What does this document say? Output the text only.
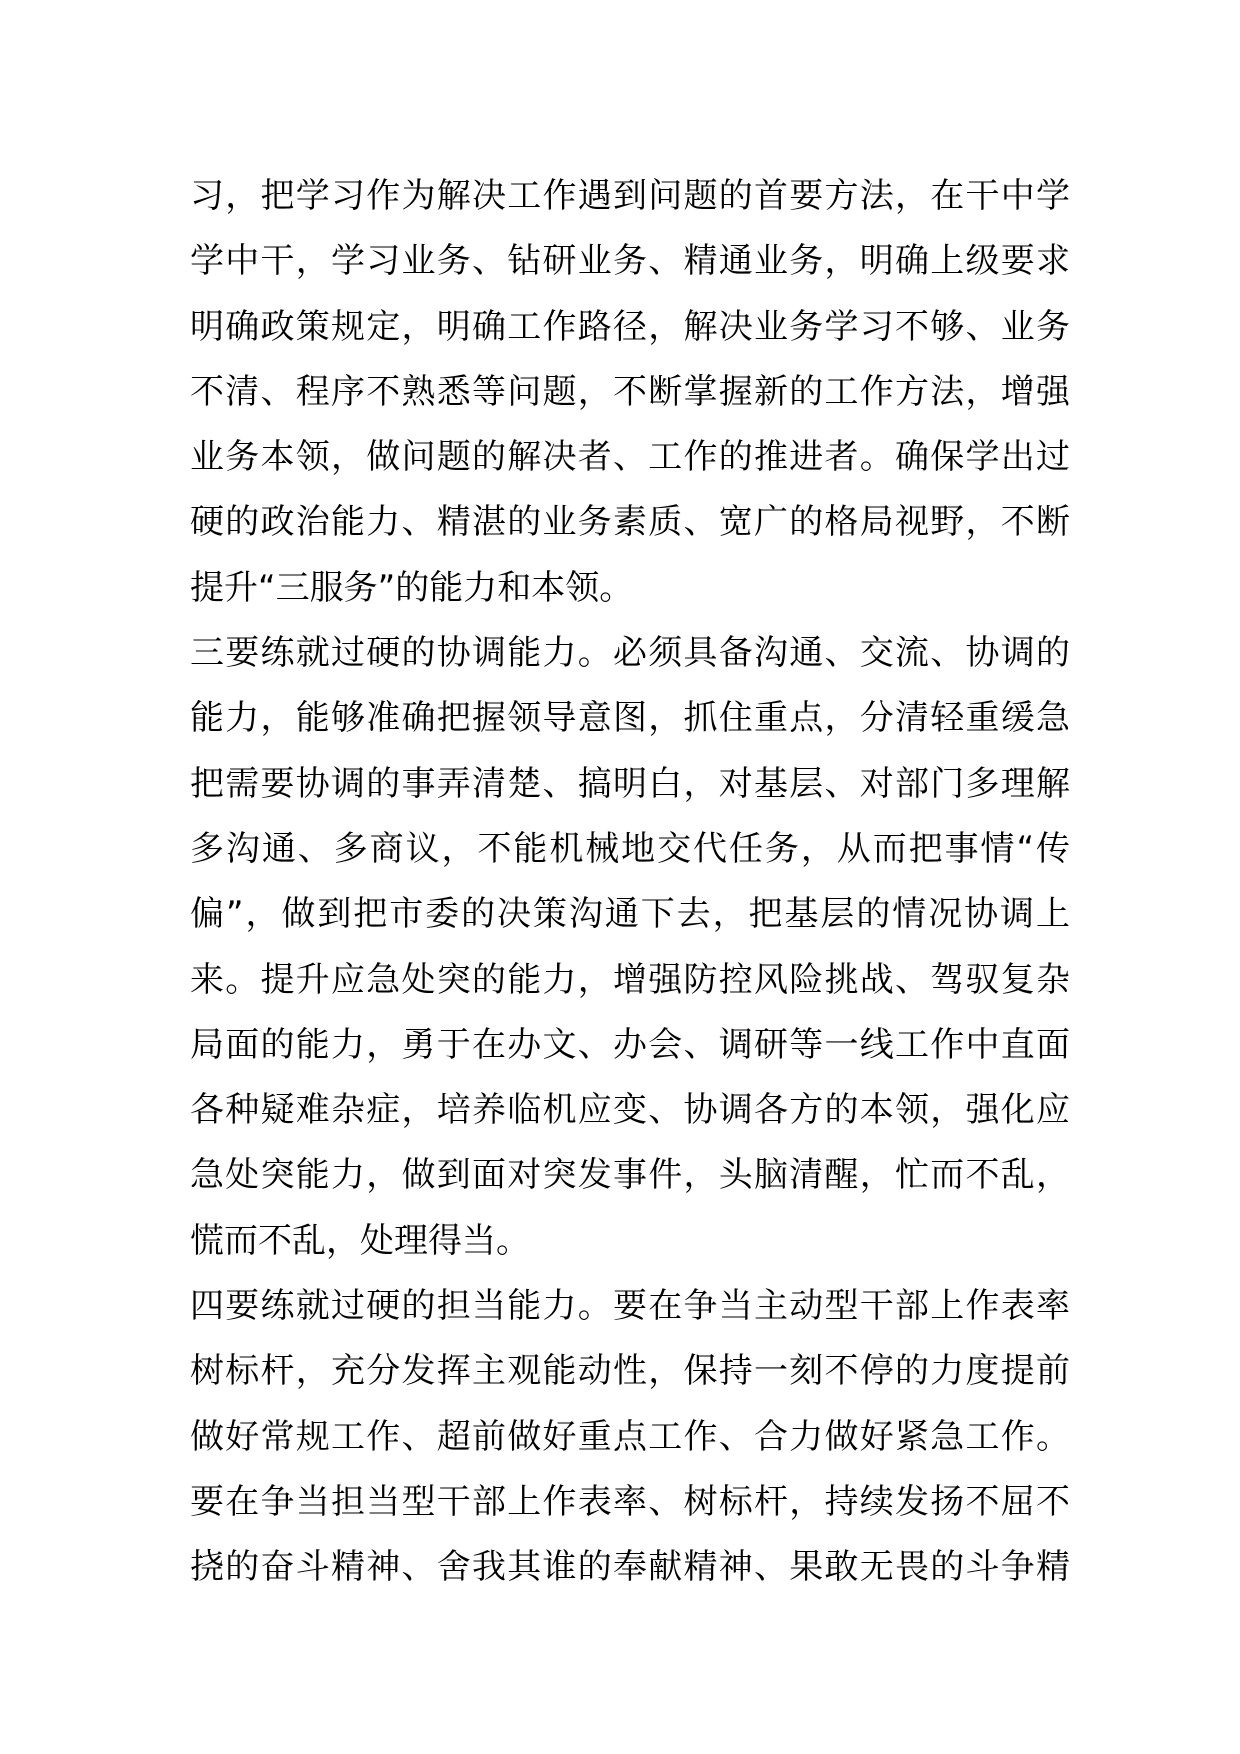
习，把学习作为解决工作遇到问题的首要方法，在干中学
学中干，学习业务、钻研业务、精通业务，明确上级要求
明确政策规定，明确工作路径，解决业务学习不够、业务
不清、程序不熟悉等问题，不断掌握新的工作方法，增强
业务本领，做问题的解决者、工作的推进者。确保学出过
硬的政治能力、精湛的业务素质、宽广的格局视野，不断
提升“三服务”的能力和本领。
三要练就过硬的协调能力。必须具备沟通、交流、协调的
能力，能够准确把握领导意图，抓住重点，分清轻重缓急
把需要协调的事弄清楚、搞明白，对基层、对部门多理解
多沟通、多商议，不能机械地交代任务，从而把事情“传
偏”，做到把市委的决策沟通下去，把基层的情况协调上
来。提升应急处突的能力，增强防控风险挑战、驾驭复杂
局面的能力，勇于在办文、办会、调研等一线工作中直面
各种疑难杂症，培养临机应变、协调各方的本领，强化应
急处突能力，做到面对突发事件，头脑清醒，忙而不乱，
慌而不乱，处理得当。
四要练就过硬的担当能力。要在争当主动型干部上作表率
树标杆，充分发挥主观能动性，保持一刻不停的力度提前
做好常规工作、超前做好重点工作、合力做好紧急工作。
要在争当担当型干部上作表率、树标杆，持续发扬不屈不
挠的奋斗精神、舍我其谁的奉献精神、果敢无畏的斗争精
